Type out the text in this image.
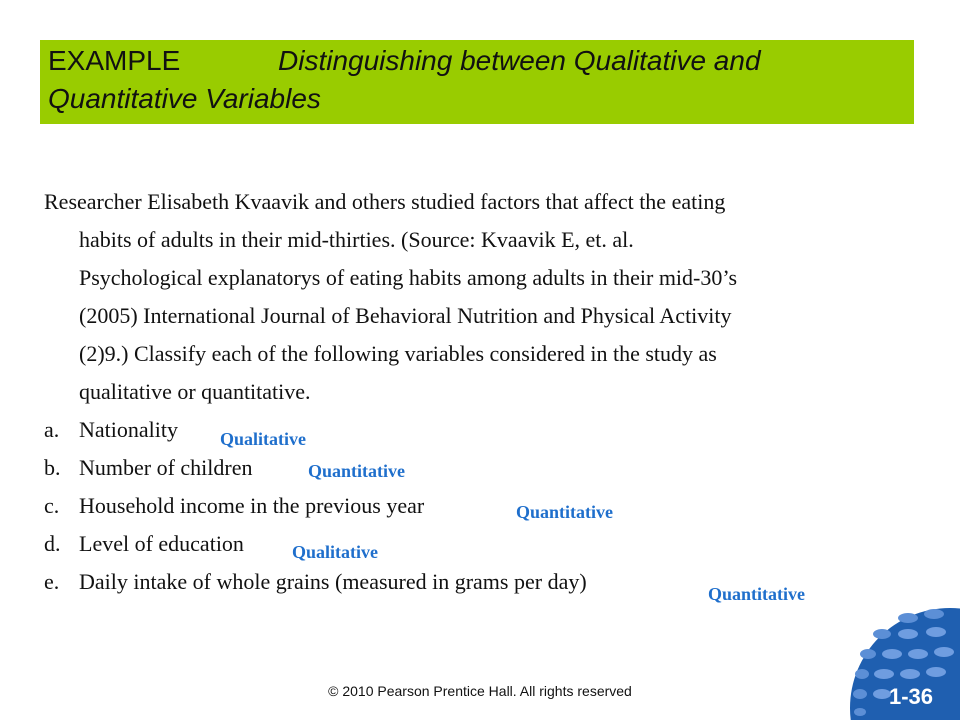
EXAMPLE	Distinguishing between Qualitative and

Quantitative Variables

Researcher Elisabeth Kvaavik and others studied factors that affect the eating
habits of adults in their mid-thirties. (Source: Kvaavik E, et. al.
Psychological explanatorys of eating habits among adults in their mid-30’s
(2005) International Journal of Behavioral Nutrition and Physical Activity
(2)9.) Classify each of the following variables considered in the study as
qualitative or quantitative.
a. Nationality
b. Number of children
c. Household income in the previous year
d. Level of education
e. Daily intake of whole grains (measured in grams per day)
Qualitative
Quantitative
Quantitative
Qualitative
Quantitative
© 2010 Pearson Prentice Hall. All rights reserved	1-36
